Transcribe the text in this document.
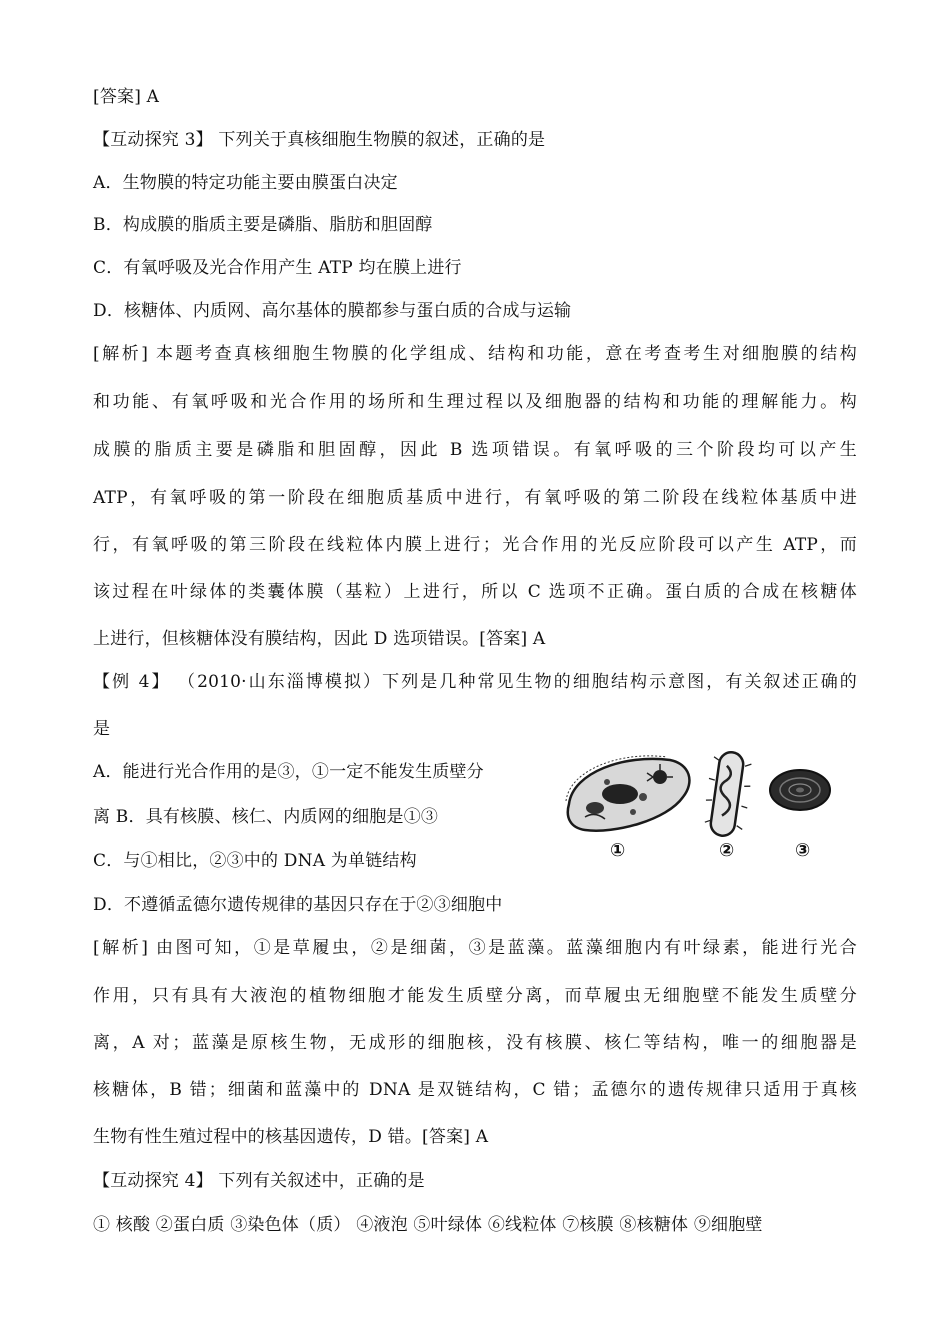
[答案] A
【互动探究 3】 下列关于真核细胞生物膜的叙述，正确的是
A．生物膜的特定功能主要由膜蛋白决定
B．构成膜的脂质主要是磷脂、脂肪和胆固醇
C．有氧呼吸及光合作用产生 ATP 均在膜上进行
D．核糖体、内质网、高尔基体的膜都参与蛋白质的合成与运输
[解析] 本题考查真核细胞生物膜的化学组成、结构和功能，意在考查考生对细胞膜的结构
和功能、有氧呼吸和光合作用的场所和生理过程以及细胞器的结构和功能的理解能力。构
成膜的脂质主要是磷脂和胆固醇，因此 B 选项错误。有氧呼吸的三个阶段均可以产生
ATP，有氧呼吸的第一阶段在细胞质基质中进行，有氧呼吸的第二阶段在线粒体基质中进
行，有氧呼吸的第三阶段在线粒体内膜上进行；光合作用的光反应阶段可以产生 ATP，而
该过程在叶绿体的类囊体膜（基粒）上进行，所以 C 选项不正确。蛋白质的合成在核糖体
上进行，但核糖体没有膜结构，因此 D 选项错误。[答案] A
【例 4】 （2010·山东淄博模拟）下列是几种常见生物的细胞结构示意图，有关叙述正确的
是
A．能进行光合作用的是③，①一定不能发生质壁分
离 B．具有核膜、核仁、内质网的细胞是①③
C．与①相比，②③中的 DNA 为单链结构
D．不遵循孟德尔遗传规律的基因只存在于②③细胞中
[解析] 由图可知，①是草履虫，②是细菌，③是蓝藻。蓝藻细胞内有叶绿素，能进行光合
作用，只有具有大液泡的植物细胞才能发生质壁分离，而草履虫无细胞壁不能发生质壁分
离，A 对；蓝藻是原核生物，无成形的细胞核，没有核膜、核仁等结构，唯一的细胞器是
核糖体，B 错；细菌和蓝藻中的 DNA 是双链结构，C 错；孟德尔的遗传规律只适用于真核
生物有性生殖过程中的核基因遗传，D 错。[答案] A
【互动探究 4】 下列有关叙述中，正确的是
① 核酸 ②蛋白质 ③染色体（质） ④液泡 ⑤叶绿体 ⑥线粒体 ⑦核膜 ⑧核糖体 ⑨细胞壁
①	②	③
